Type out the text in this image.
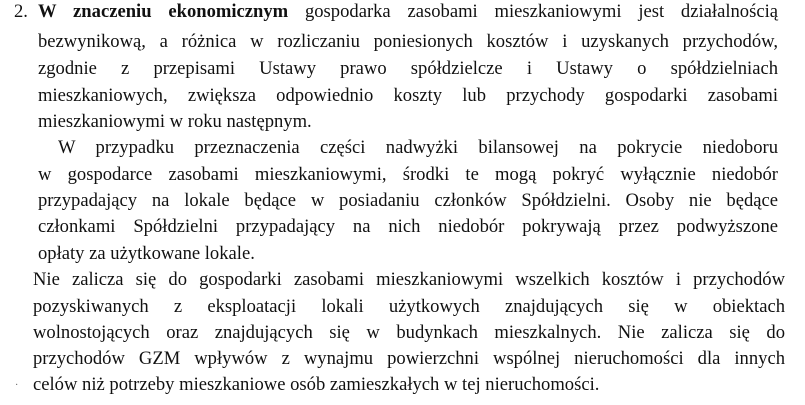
2. W znaczeniu ekonomicznym gospodarka zasobami mieszkaniowymi jest działalnością
bezwynikową, a różnica w rozliczaniu poniesionych kosztów i uzyskanych przychodów,
zgodnie z przepisami Ustawy prawo spółdzielcze i Ustawy o spółdzielniach
mieszkaniowych, zwiększa odpowiednio koszty lub przychody gospodarki zasobami
mieszkaniowymi w roku następnym.
W przypadku przeznaczenia części nadwyżki bilansowej na pokrycie niedoboru
w gospodarce zasobami mieszkaniowymi, środki te mogą pokryć wyłącznie niedobór
przypadający na lokale będące w posiadaniu członków Spółdzielni. Osoby nie będące
członkami Spółdzielni przypadający na nich niedobór pokrywają przez podwyższone
opłaty za użytkowane lokale.
Nie zalicza się do gospodarki zasobami mieszkaniowymi wszelkich kosztów i przychodów
pozyskiwanych z eksploatacji lokali użytkowych znajdujących się w obiektach
wolnostojących oraz znajdujących się w budynkach mieszkalnych. Nie zalicza się do
przychodów GZM wpływów z wynajmu powierzchni wspólnej nieruchomości dla innych
celów niż potrzeby mieszkaniowe osób zamieszkałych w tej nieruchomości.
·
